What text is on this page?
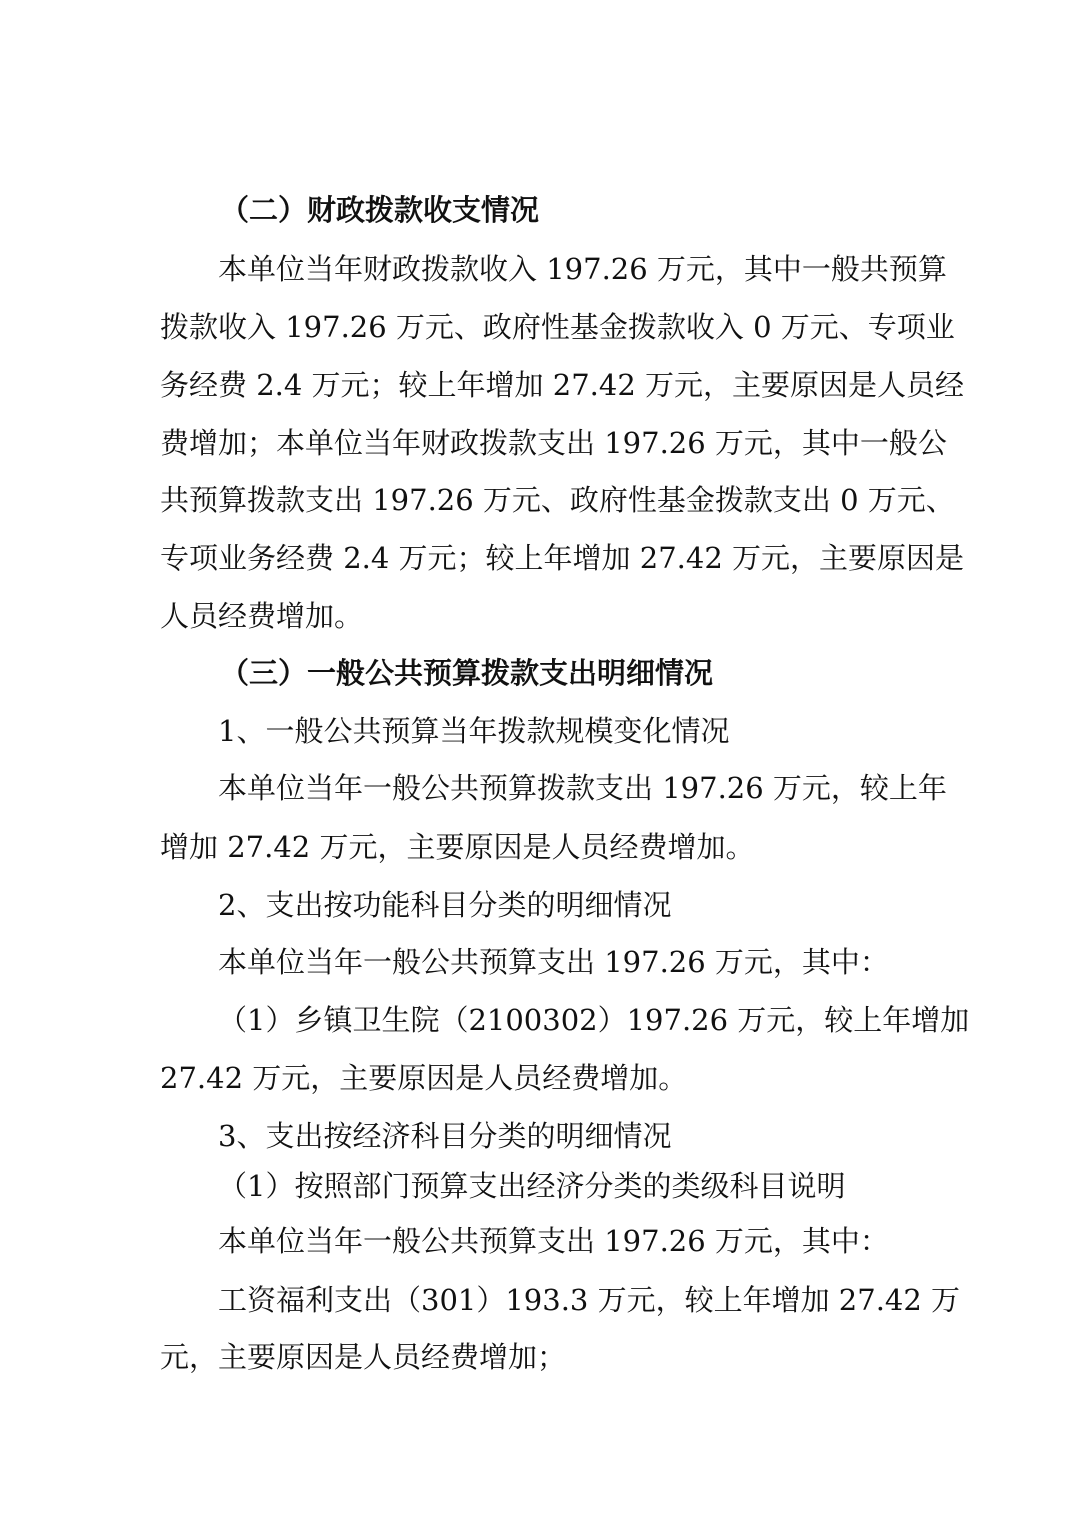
（二）财政拨款收支情况
本单位当年财政拨款收入 197.26 万元，其中一般共预算
拨款收入 197.26 万元、政府性基金拨款收入 0 万元、专项业
务经费 2.4 万元；较上年增加 27.42 万元，主要原因是人员经
费增加；本单位当年财政拨款支出 197.26 万元，其中一般公
共预算拨款支出 197.26 万元、政府性基金拨款支出 0 万元、
专项业务经费 2.4 万元；较上年增加 27.42 万元，主要原因是
人员经费增加。
（三）一般公共预算拨款支出明细情况
1、一般公共预算当年拨款规模变化情况
本单位当年一般公共预算拨款支出 197.26 万元，较上年
增加 27.42 万元，主要原因是人员经费增加。
2、支出按功能科目分类的明细情况
本单位当年一般公共预算支出 197.26 万元，其中：
（1）乡镇卫生院（2100302）197.26 万元，较上年增加
27.42 万元，主要原因是人员经费增加。
3、支出按经济科目分类的明细情况
（1）按照部门预算支出经济分类的类级科目说明
本单位当年一般公共预算支出 197.26 万元，其中：
工资福利支出（301）193.3 万元，较上年增加 27.42 万
元，主要原因是人员经费增加；
